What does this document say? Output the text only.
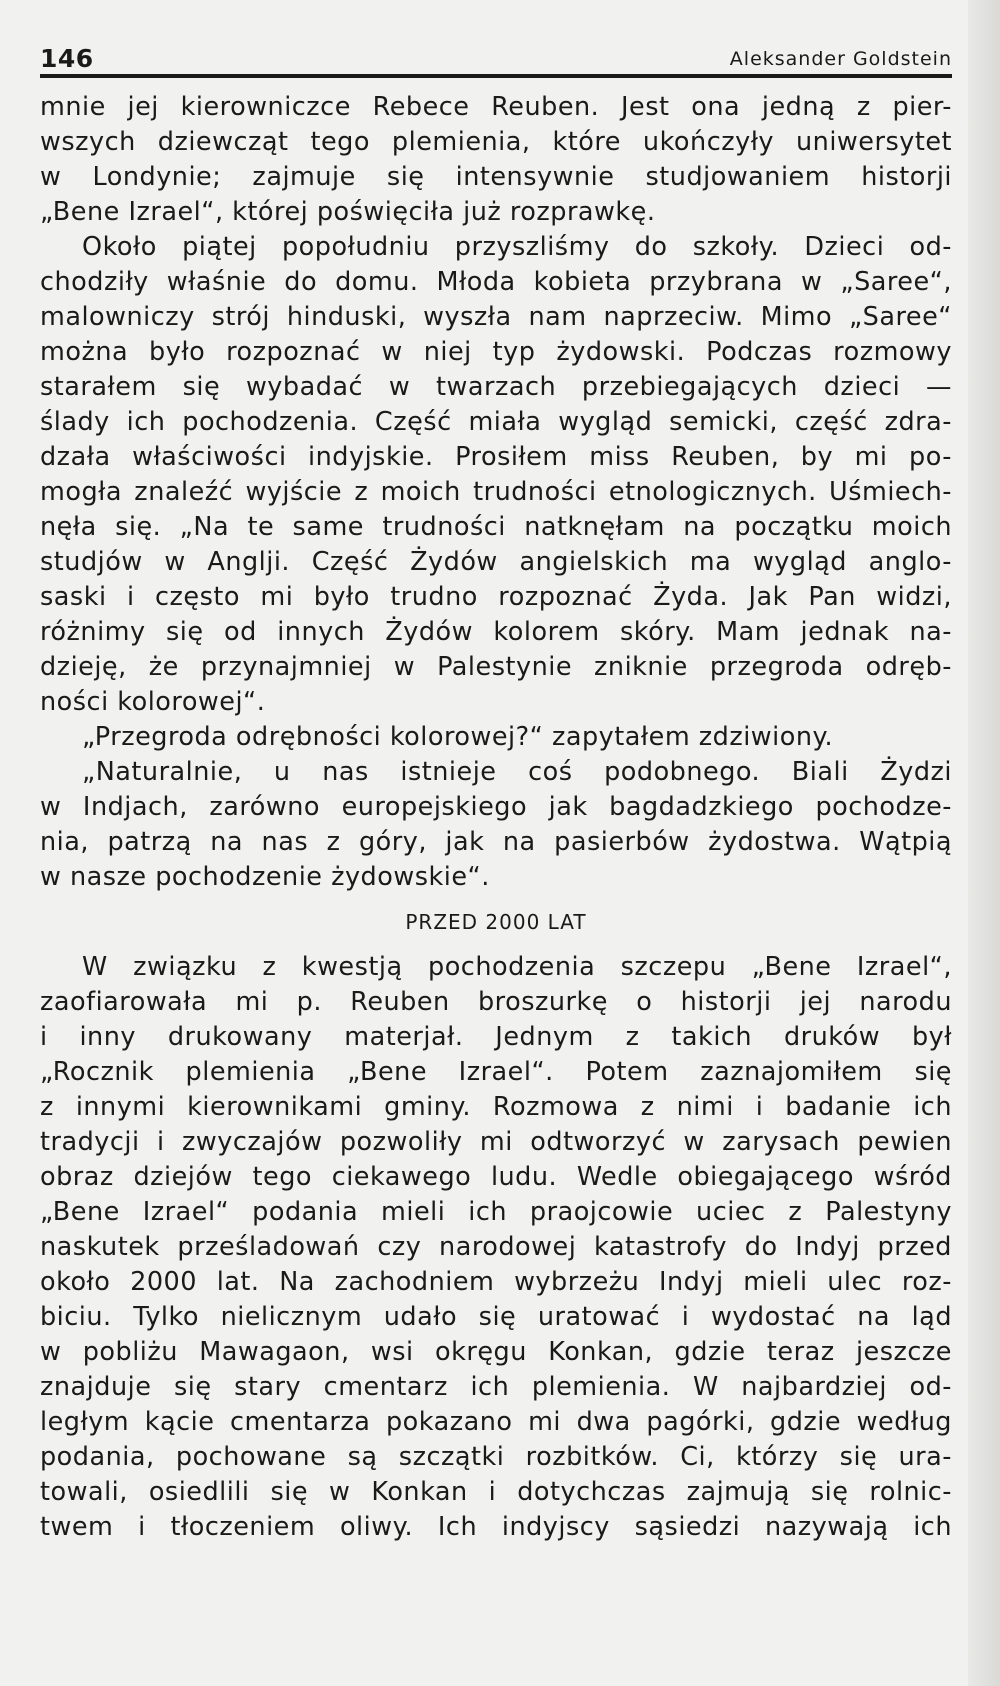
146	Aleksander Goldstein
mnie jej kierowniczce Rebece Reuben. Jest ona jedną z pier-
wszych dziewcząt tego plemienia, które ukończyły uniwersytet
w Londynie; zajmuje się intensywnie studjowaniem historji
„Bene Izrael“, której poświęciła już rozprawkę.
Około piątej popołudniu przyszliśmy do szkoły. Dzieci od-
chodziły właśnie do domu. Młoda kobieta przybrana w „Saree“,
malowniczy strój hinduski, wyszła nam naprzeciw. Mimo „Saree“
można było rozpoznać w niej typ żydowski. Podczas rozmowy
starałem się wybadać w twarzach przebiegających dzieci —
ślady ich pochodzenia. Część miała wygląd semicki, część zdra-
dzała właściwości indyjskie. Prosiłem miss Reuben, by mi po-
mogła znaleźć wyjście z moich trudności etnologicznych. Uśmiech-
nęła się. „Na te same trudności natknęłam na początku moich
studjów w Anglji. Część Żydów angielskich ma wygląd anglo-
saski i często mi było trudno rozpoznać Żyda. Jak Pan widzi,
różnimy się od innych Żydów kolorem skóry. Mam jednak na-
dzieję, że przynajmniej w Palestynie zniknie przegroda odręb-
ności kolorowej“.
„Przegroda odrębności kolorowej?“ zapytałem zdziwiony.
„Naturalnie, u nas istnieje coś podobnego. Biali Żydzi
w Indjach, zarówno europejskiego jak bagdadzkiego pochodze-
nia, patrzą na nas z góry, jak na pasierbów żydostwa. Wątpią
w nasze pochodzenie żydowskie“.
PRZED 2000 LAT
W związku z kwestją pochodzenia szczepu „Bene Izrael“,
zaofiarowała mi p. Reuben broszurkę o historji jej narodu
i inny drukowany materjał. Jednym z takich druków był
„Rocznik plemienia „Bene Izrael“. Potem zaznajomiłem się
z innymi kierownikami gminy. Rozmowa z nimi i badanie ich
tradycji i zwyczajów pozwoliły mi odtworzyć w zarysach pewien
obraz dziejów tego ciekawego ludu. Wedle obiegającego wśród
„Bene Izrael“ podania mieli ich praojcowie uciec z Palestyny
naskutek prześladowań czy narodowej katastrofy do Indyj przed
około 2000 lat. Na zachodniem wybrzeżu Indyj mieli ulec roz-
biciu. Tylko nielicznym udało się uratować i wydostać na ląd
w pobliżu Mawagaon, wsi okręgu Konkan, gdzie teraz jeszcze
znajduje się stary cmentarz ich plemienia. W najbardziej od-
ległym kącie cmentarza pokazano mi dwa pagórki, gdzie według
podania, pochowane są szczątki rozbitków. Ci, którzy się ura-
towali, osiedlili się w Konkan i dotychczas zajmują się rolnic-
twem i tłoczeniem oliwy. Ich indyjscy sąsiedzi nazywają ich
